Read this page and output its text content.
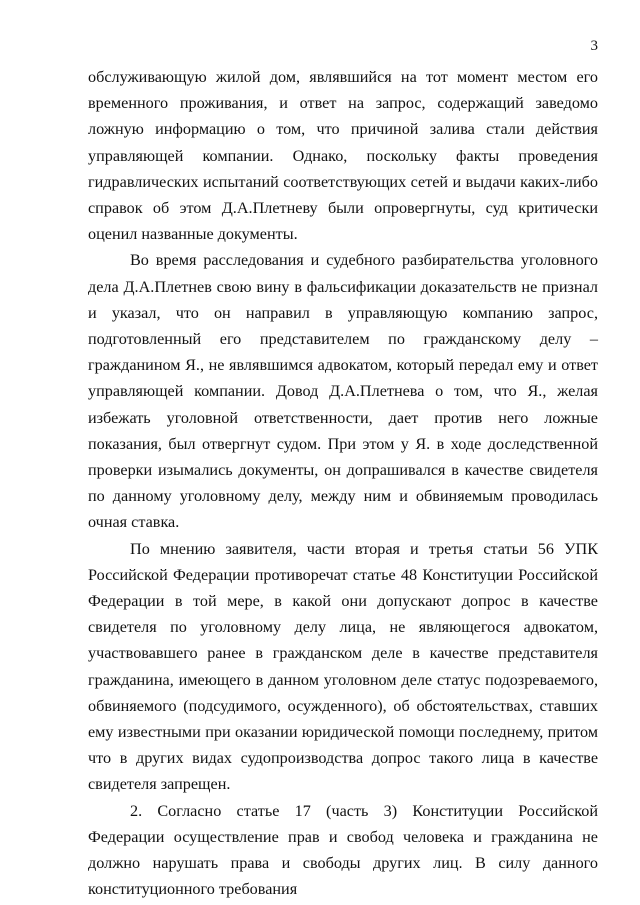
3

обслуживающую жилой дом, являвшийся на тот момент местом его временного проживания, и ответ на запрос, содержащий заведомо ложную информацию о том, что причиной залива стали действия управляющей компании. Однако, поскольку факты проведения гидравлических испытаний соответствующих сетей и выдачи каких-либо справок об этом Д.А.Плетневу были опровергнуты, суд критически оценил названные документы.

Во время расследования и судебного разбирательства уголовного дела Д.А.Плетнев свою вину в фальсификации доказательств не признал и указал, что он направил в управляющую компанию запрос, подготовленный его представителем по гражданскому делу – гражданином Я., не являвшимся адвокатом, который передал ему и ответ управляющей компании. Довод Д.А.Плетнева о том, что Я., желая избежать уголовной ответственности, дает против него ложные показания, был отвергнут судом. При этом у Я. в ходе доследственной проверки изымались документы, он допрашивался в качестве свидетеля по данному уголовному делу, между ним и обвиняемым проводилась очная ставка.

По мнению заявителя, части вторая и третья статьи 56 УПК Российской Федерации противоречат статье 48 Конституции Российской Федерации в той мере, в какой они допускают допрос в качестве свидетеля по уголовному делу лица, не являющегося адвокатом, участвовавшего ранее в гражданском деле в качестве представителя гражданина, имеющего в данном уголовном деле статус подозреваемого, обвиняемого (подсудимого, осужденного), об обстоятельствах, ставших ему известными при оказании юридической помощи последнему, притом что в других видах судопроизводства допрос такого лица в качестве свидетеля запрещен.

2. Согласно статье 17 (часть 3) Конституции Российской Федерации осуществление прав и свобод человека и гражданина не должно нарушать права и свободы других лиц. В силу данного конституционного требования
